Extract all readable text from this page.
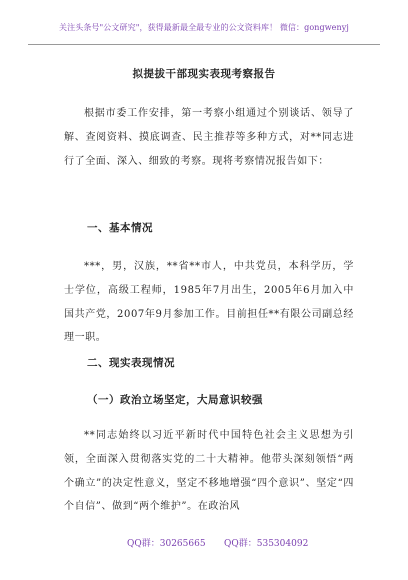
关注头条号"公文研究"，获得最新最全最专业的公文资料库！ 微信：gongwenyj
拟提拔干部现实表现考察报告

根据市委工作安排，第一考察小组通过个别谈话、领导了解、查阅资料、摸底调查、民主推荐等多种方式，对**同志进行了全面、深入、细致的考察。现将考察情况报告如下：

一、基本情况

***，男，汉族，**省**市人，中共党员，本科学历，学士学位，高级工程师，1985年7月出生，2005年6月加入中国共产党，2007年9月参加工作。目前担任**有限公司副总经理一职。

二、现实表现情况
（一）政治立场坚定，大局意识较强

**同志始终以习近平新时代中国特色社会主义思想为引领，全面深入贯彻落实党的二十大精神。他带头深刻领悟“两个确立”的决定性意义，坚定不移地增强“四个意识”、坚定“四个自信”、做到“两个维护”。在政治风

QQ群：30265665 QQ群：535304092
